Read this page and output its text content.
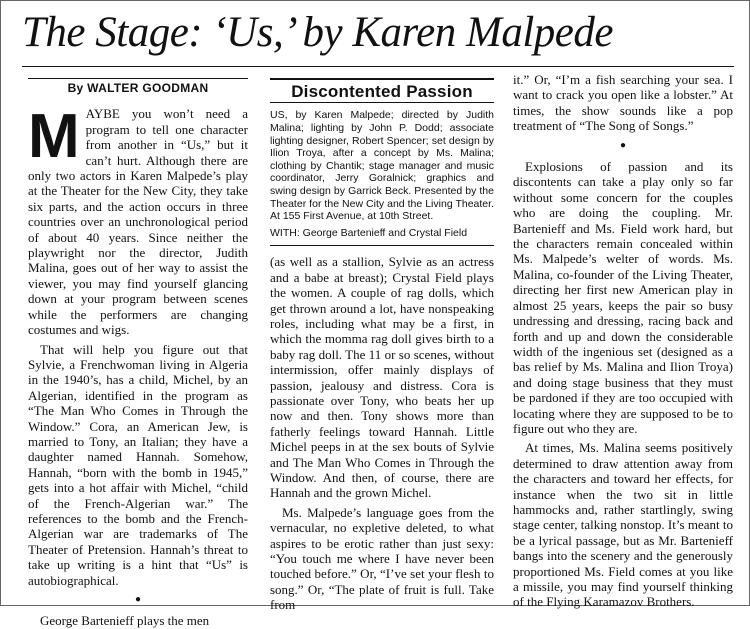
The Stage: ‘Us,’ by Karen Malpede
By WALTER GOODMAN

MAYBE you won’t need a program to tell one character from another in “Us,” but it can’t hurt. Although there are only two actors in Karen Malpede’s play at the Theater for the New City, they take six parts, and the action occurs in three countries over an unchronological period of about 40 years. Since neither the playwright nor the director, Judith Malina, goes out of her way to assist the viewer, you may find yourself glancing down at your program between scenes while the performers are changing costumes and wigs.

That will help you figure out that Sylvie, a Frenchwoman living in Algeria in the 1940’s, has a child, Michel, by an Algerian, identified in the program as “The Man Who Comes in Through the Window.” Cora, an American Jew, is married to Tony, an Italian; they have a daughter named Hannah. Somehow, Hannah, “born with the bomb in 1945,” gets into a hot affair with Michel, “child of the French-Algerian war.” The references to the bomb and the French-Algerian war are trademarks of The Theater of Pretension. Hannah’s threat to take up writing is a hint that “Us” is autobiographical.

●

George Bartenieff plays the men

Discontented Passion
US, by Karen Malpede; directed by Judith Malina; lighting by John P. Dodd; associate lighting designer, Robert Spencer; set design by Ilion Troya, after a concept by Ms. Malina; clothing by Chantik; stage manager and music coordinator, Jerry Goralnick; graphics and swing design by Garrick Beck. Presented by the Theater for the New City and the Living Theater. At 155 First Avenue, at 10th Street.
WITH: George Bartenieff and Crystal Field

(as well as a stallion, Sylvie as an actress and a babe at breast); Crystal Field plays the women. A couple of rag dolls, which get thrown around a lot, have nonspeaking roles, including what may be a first, in which the momma rag doll gives birth to a baby rag doll. The 11 or so scenes, without intermission, offer mainly displays of passion, jealousy and distress. Cora is passionate over Tony, who beats her up now and then. Tony shows more than fatherly feelings toward Hannah. Little Michel peeps in at the sex bouts of Sylvie and The Man Who Comes in Through the Window. And then, of course, there are Hannah and the grown Michel.

Ms. Malpede’s language goes from the vernacular, no expletive deleted, to what aspires to be erotic rather than just sexy: “You touch me where I have never been touched before.” Or, “I’ve set your flesh to song.” Or, “The plate of fruit is full. Take from

it.” Or, “I’m a fish searching your sea. I want to crack you open like a lobster.” At times, the show sounds like a pop treatment of “The Song of Songs.”

●

Explosions of passion and its discontents can take a play only so far without some concern for the couples who are doing the coupling. Mr. Bartenieff and Ms. Field work hard, but the characters remain concealed within Ms. Malpede’s welter of words. Ms. Malina, co-founder of the Living Theater, directing her first new American play in almost 25 years, keeps the pair so busy undressing and dressing, racing back and forth and up and down the considerable width of the ingenious set (designed as a bas relief by Ms. Malina and Ilion Troya) and doing stage business that they must be pardoned if they are too occupied with locating where they are supposed to be to figure out who they are.

At times, Ms. Malina seems positively determined to draw attention away from the characters and toward her effects, for instance when the two sit in little hammocks and, rather startlingly, swing stage center, talking nonstop. It’s meant to be a lyrical passage, but as Mr. Bartenieff bangs into the scenery and the generously proportioned Ms. Field comes at you like a missile, you may find yourself thinking of the Flying Karamazov Brothers.
